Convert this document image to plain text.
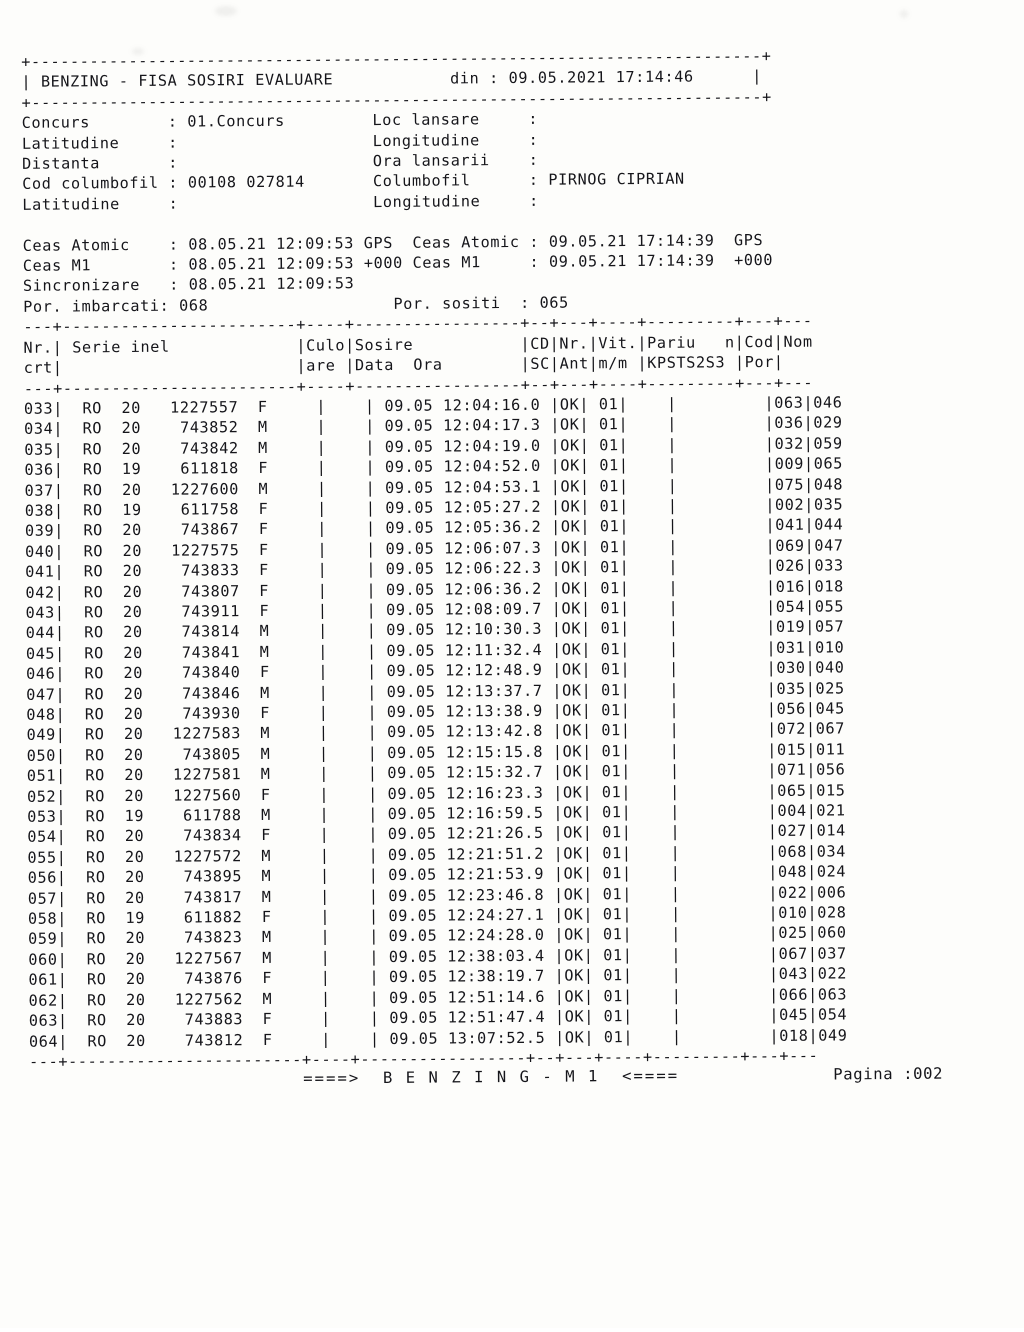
+---------------------------------------------------------------------------+
| BENZING - FISA SOSIRI EVALUARE            din : 09.05.2021 17:14:46      |
+---------------------------------------------------------------------------+
Concurs        : 01.Concurs         Loc lansare     :
Latitudine     :                    Longitudine     :
Distanta       :                    Ora lansarii    :
Cod columbofil : 00108 027814       Columbofil      : PIRNOG CIPRIAN
Latitudine     :                    Longitudine     :

Ceas Atomic    : 08.05.21 12:09:53 GPS  Ceas Atomic : 09.05.21 17:14:39  GPS
Ceas M1        : 08.05.21 12:09:53 +000 Ceas M1     : 09.05.21 17:14:39  +000
Sincronizare   : 08.05.21 12:09:53
Por. imbarcati: 068                   Por. sositi  : 065
---+------------------------+----+-----------------+--+---+----+---------+---+---
Nr.| Serie inel             |Culo|Sosire           |CD|Nr.|Vit.|Pariu   n|Cod|Nom
crt|                        |are |Data  Ora        |SC|Ant|m/m |KPSTS2S3 |Por|
---+------------------------+----+-----------------+--+---+----+---------+---+---
033|  RO  20   1227557  F     |    | 09.05 12:04:16.0 |OK| 01|    |         |063|046
034|  RO  20    743852  M     |    | 09.05 12:04:17.3 |OK| 01|    |         |036|029
035|  RO  20    743842  M     |    | 09.05 12:04:19.0 |OK| 01|    |         |032|059
036|  RO  19    611818  F     |    | 09.05 12:04:52.0 |OK| 01|    |         |009|065
037|  RO  20   1227600  M     |    | 09.05 12:04:53.1 |OK| 01|    |         |075|048
038|  RO  19    611758  F     |    | 09.05 12:05:27.2 |OK| 01|    |         |002|035
039|  RO  20    743867  F     |    | 09.05 12:05:36.2 |OK| 01|    |         |041|044
040|  RO  20   1227575  F     |    | 09.05 12:06:07.3 |OK| 01|    |         |069|047
041|  RO  20    743833  F     |    | 09.05 12:06:22.3 |OK| 01|    |         |026|033
042|  RO  20    743807  F     |    | 09.05 12:06:36.2 |OK| 01|    |         |016|018
043|  RO  20    743911  F     |    | 09.05 12:08:09.7 |OK| 01|    |         |054|055
044|  RO  20    743814  M     |    | 09.05 12:10:30.3 |OK| 01|    |         |019|057
045|  RO  20    743841  M     |    | 09.05 12:11:32.4 |OK| 01|    |         |031|010
046|  RO  20    743840  F     |    | 09.05 12:12:48.9 |OK| 01|    |         |030|040
047|  RO  20    743846  M     |    | 09.05 12:13:37.7 |OK| 01|    |         |035|025
048|  RO  20    743930  F     |    | 09.05 12:13:38.9 |OK| 01|    |         |056|045
049|  RO  20   1227583  M     |    | 09.05 12:13:42.8 |OK| 01|    |         |072|067
050|  RO  20    743805  M     |    | 09.05 12:15:15.8 |OK| 01|    |         |015|011
051|  RO  20   1227581  M     |    | 09.05 12:15:32.7 |OK| 01|    |         |071|056
052|  RO  20   1227560  F     |    | 09.05 12:16:23.3 |OK| 01|    |         |065|015
053|  RO  19    611788  M     |    | 09.05 12:16:59.5 |OK| 01|    |         |004|021
054|  RO  20    743834  F     |    | 09.05 12:21:26.5 |OK| 01|    |         |027|014
055|  RO  20   1227572  M     |    | 09.05 12:21:51.2 |OK| 01|    |         |068|034
056|  RO  20    743895  M     |    | 09.05 12:21:53.9 |OK| 01|    |         |048|024
057|  RO  20    743817  M     |    | 09.05 12:23:46.8 |OK| 01|    |         |022|006
058|  RO  19    611882  F     |    | 09.05 12:24:27.1 |OK| 01|    |         |010|028
059|  RO  20    743823  M     |    | 09.05 12:24:28.0 |OK| 01|    |         |025|060
060|  RO  20   1227567  M     |    | 09.05 12:38:03.4 |OK| 01|    |         |067|037
061|  RO  20    743876  F     |    | 09.05 12:38:19.7 |OK| 01|    |         |043|022
062|  RO  20   1227562  M     |    | 09.05 12:51:14.6 |OK| 01|    |         |066|063
063|  RO  20    743883  F     |    | 09.05 12:51:47.4 |OK| 01|    |         |045|054
064|  RO  20    743812  F     |    | 09.05 13:07:52.5 |OK| 01|    |         |018|049
---+------------------------+----+-----------------+--+---+----+---------+---+---
====>  B E N Z I N G - M 1  <====	Pagina :002
